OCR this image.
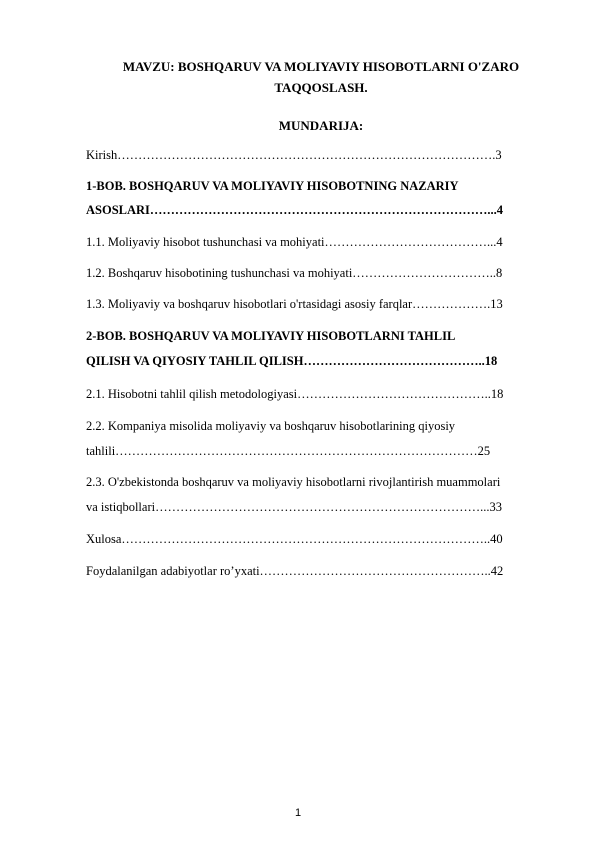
MAVZU: BOSHQARUV VA MOLIYAVIY HISOBOTLARNI O'ZARO
TAQQOSLASH.
MUNDARIJA:
Kirish……………………………………………………………………………….3
1-BOB. BOSHQARUV VA MOLIYAVIY HISOBOTNING NAZARIY
ASOSLARI………………………………………………………………………...4
1.1. Moliyaviy hisobot tushunchasi va mohiyati…………………………………...4
1.2. Boshqaruv hisobotining tushunchasi va mohiyati……………………………..8
1.3. Moliyaviy va boshqaruv hisobotlari o'rtasidagi asosiy farqlar……………….13
2-BOB. BOSHQARUV VA MOLIYAVIY HISOBOTLARNI TAHLIL
QILISH VA QIYOSIY TAHLIL QILISH……………………………………..18
2.1. Hisobotni tahlil qilish metodologiyasi………………………………………..18
2.2. Kompaniya misolida moliyaviy va boshqaruv hisobotlarining qiyosiy
tahlili……………………………………………………………………………25
2.3. O'zbekistonda boshqaruv va moliyaviy hisobotlarni rivojlantirish muammolari
va istiqbollari……………………………………………………………………...33
Xulosa……………………………………………………………………………..40
Foydalanilgan adabiyotlar ro’yxati………………………………………………..42
1
